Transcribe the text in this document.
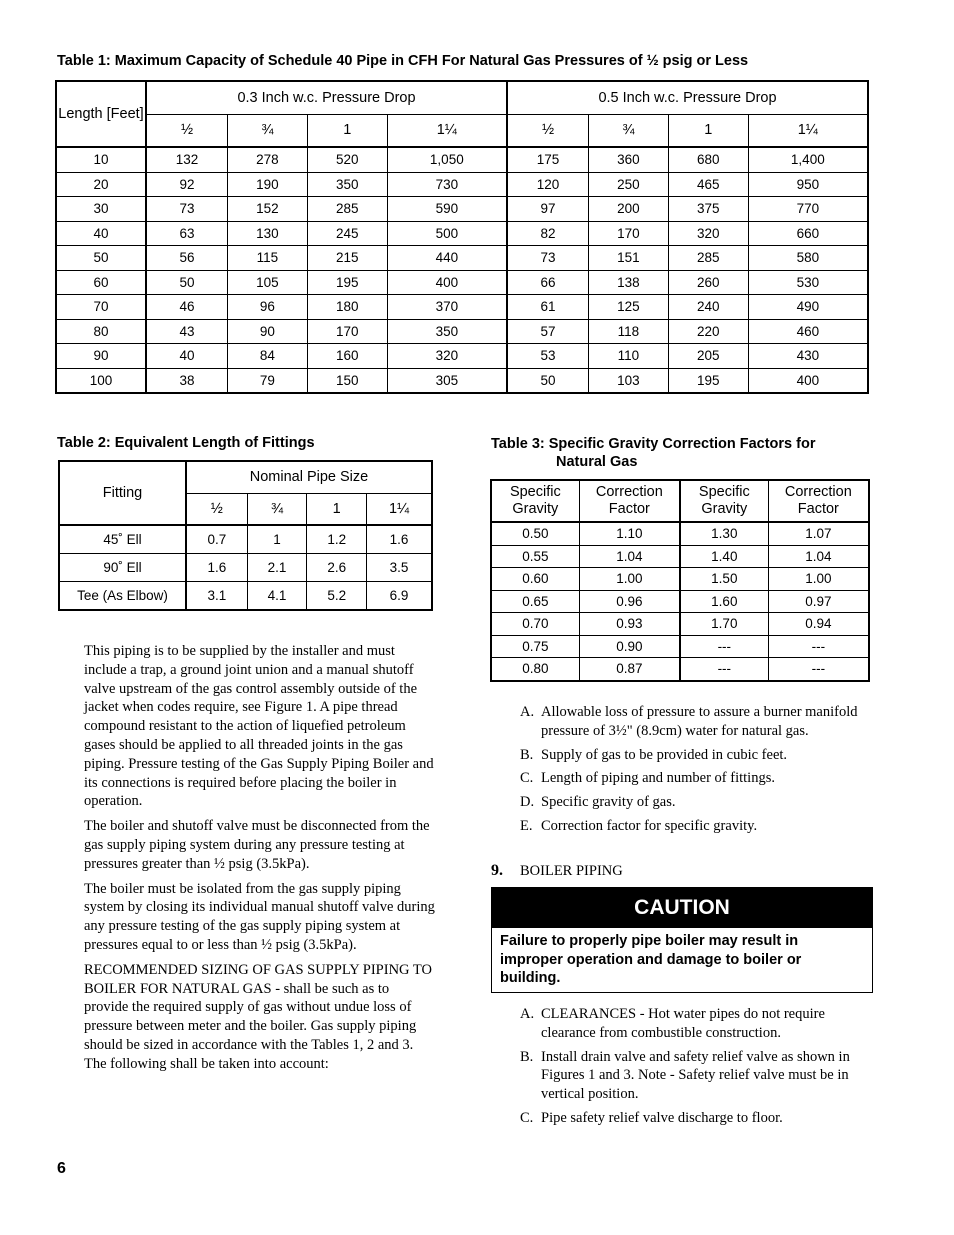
Table 1: Maximum Capacity of Schedule 40 Pipe in CFH For Natural Gas Pressures of ½ psig or Less
Length [Feet]	0.3 Inch w.c. Pressure Drop				0.5 Inch w.c. Pressure Drop			
	½	¾	1	1¼	½	¾	1	1¼
10	132	278	520	1,050	175	360	680	1,400
20	92	190	350	730	120	250	465	950
30	73	152	285	590	97	200	375	770
40	63	130	245	500	82	170	320	660
50	56	115	215	440	73	151	285	580
60	50	105	195	400	66	138	260	530
70	46	96	180	370	61	125	240	490
80	43	90	170	350	57	118	220	460
90	40	84	160	320	53	110	205	430
100	38	79	150	305	50	103	195	400
Table 2: Equivalent Length of Fittings
Fitting	Nominal Pipe Size			
	½	¾	1	1¼
45˚ Ell	0.7	1	1.2	1.6
90˚ Ell	1.6	2.1	2.6	3.5
Tee (As Elbow)	3.1	4.1	5.2	6.9
Table 3: Specific Gravity Correction Factors for
Natural Gas
Specific Gravity	Correction Factor	Specific Gravity	Correction Factor
0.50	1.10	1.30	1.07
0.55	1.04	1.40	1.04
0.60	1.00	1.50	1.00
0.65	0.96	1.60	0.97
0.70	0.93	1.70	0.94
0.75	0.90	---	---
0.80	0.87	---	---

This piping is to be supplied by the installer and must include a trap, a ground joint union and a manual shutoff valve upstream of the gas control assembly outside of the jacket when codes require, see Figure 1. A pipe thread compound resistant to the action of liquefied petroleum gases should be applied to all threaded joints in the gas piping. Pressure testing of the Gas Supply Piping Boiler and its connections is required before placing the boiler in operation.

The boiler and shutoff valve must be disconnected from the gas supply piping system during any pressure testing at pressures greater than ½ psig (3.5kPa).

The boiler must be isolated from the gas supply piping system by closing its individual manual shutoff valve during any pressure testing of the gas supply piping system at pressures equal to or less than ½ psig (3.5kPa).

RECOMMENDED SIZING OF GAS SUPPLY PIPING TO BOILER FOR NATURAL GAS - shall be such as to provide the required supply of gas without undue loss of pressure between meter and the boiler. Gas supply piping should be sized in accordance with the Tables 1, 2 and 3. The following shall be taken into account:

A. Allowable loss of pressure to assure a burner manifold pressure of 3½" (8.9cm) water for natural gas.
B. Supply of gas to be provided in cubic feet.
C. Length of piping and number of fittings.
D. Specific gravity of gas.
E. Correction factor for specific gravity.
9. BOILER PIPING
CAUTION
Failure to properly pipe boiler may result in improper operation and damage to boiler or building.
A. CLEARANCES - Hot water pipes do not require clearance from combustible construction.
B. Install drain valve and safety relief valve as shown in Figures 1 and 3. Note - Safety relief valve must be in vertical position.
C. Pipe safety relief valve discharge to floor.
6
